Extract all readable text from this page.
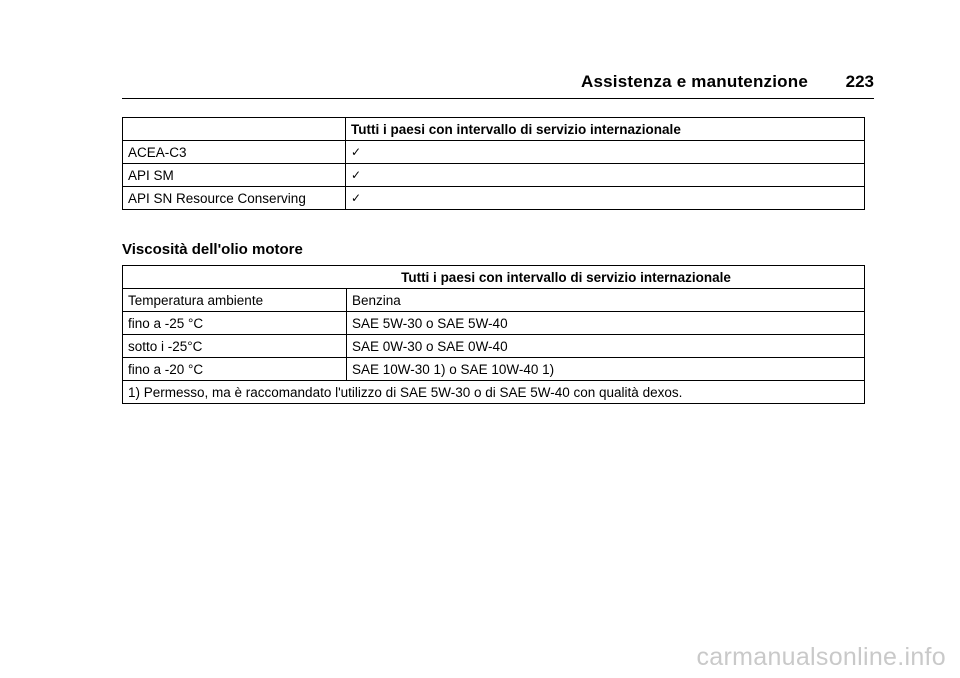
Assistenza e manutenzione 223
	Tutti i paesi con intervallo di servizio internazionale
ACEA-C3	✓
API SM	✓
API SN Resource Conserving	✓
Viscosità dell'olio motore
Tutti i paesi con intervallo di servizio internazionale	
Temperatura ambiente	Benzina
fino a -25 °C	SAE 5W-30 o SAE 5W-40
sotto i -25°C	SAE 0W-30 o SAE 0W-40
fino a -20 °C	SAE 10W-30 1) o SAE 10W-40 1)
1) Permesso, ma è raccomandato l'utilizzo di SAE 5W-30 o di SAE 5W-40 con qualità dexos.	
carmanualsonline.info
